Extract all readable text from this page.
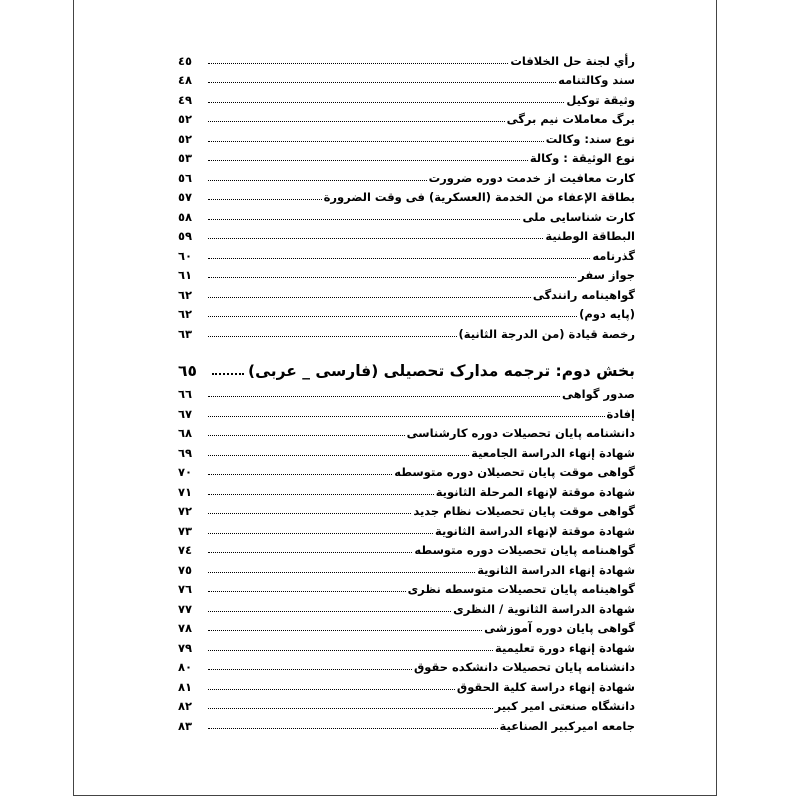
رأي لجنة حل الخلافات
٤٥
سند وكالتنامه
٤٨
وثيقة توكيل
٤٩
برگ معاملات نيم برگى
٥٢
نوع سند: وكالت
٥٢
نوع الوثيقة : وكالة
٥٣
كارت معافيت از خدمت دوره ضرورت
٥٦
بطاقة الإعفاء من الخدمة (العسكرية) فى وقت الضرورة
٥٧
كارت شناسايى ملى
٥٨
البطاقة الوطنية
٥٩
گذرنامه
٦٠
جواز سفر
٦١
گواهينامه رانندگى
٦٢
(پايه دوم)
٦٢
رخصة قيادة (من الدرجة الثانية)
٦٣
بخش دوم: ترجمه مدارک تحصيلى (فارسى _ عربى)
٦٥
صدور گواهى
٦٦
إفادة
٦٧
دانشنامه پايان تحصيلات دوره كارشناسى
٦٨
شهادة إنهاء الدراسة الجامعية
٦٩
گواهى موقت پايان تحصيلان دوره متوسطه
٧٠
شهادة موقتة لإنهاء المرحلة الثانوية
٧١
گواهى موقت پايان تحصيلات نظام جديد
٧٢
شهادة موقتة لإنهاء الدراسة الثانوية
٧٣
گواهىنامه پايان تحصيلات دوره متوسطه
٧٤
شهادة إنهاء الدراسة الثانوية
٧٥
گواهينامه پايان تحصيلات متوسطه نظرى
٧٦
شهادة الدراسة الثانوية / النظرى
٧٧
گواهى پايان دوره آموزشى
٧٨
شهادة إنهاء دورة تعليمية
٧٩
دانشنامه پايان تحصيلات دانشكده حقوق
٨٠
شهادة إنهاء دراسة كلية الحقوق
٨١
دانشگاه صنعتى امير كبير
٨٢
جامعه اميركبير الصناعية
٨٣
